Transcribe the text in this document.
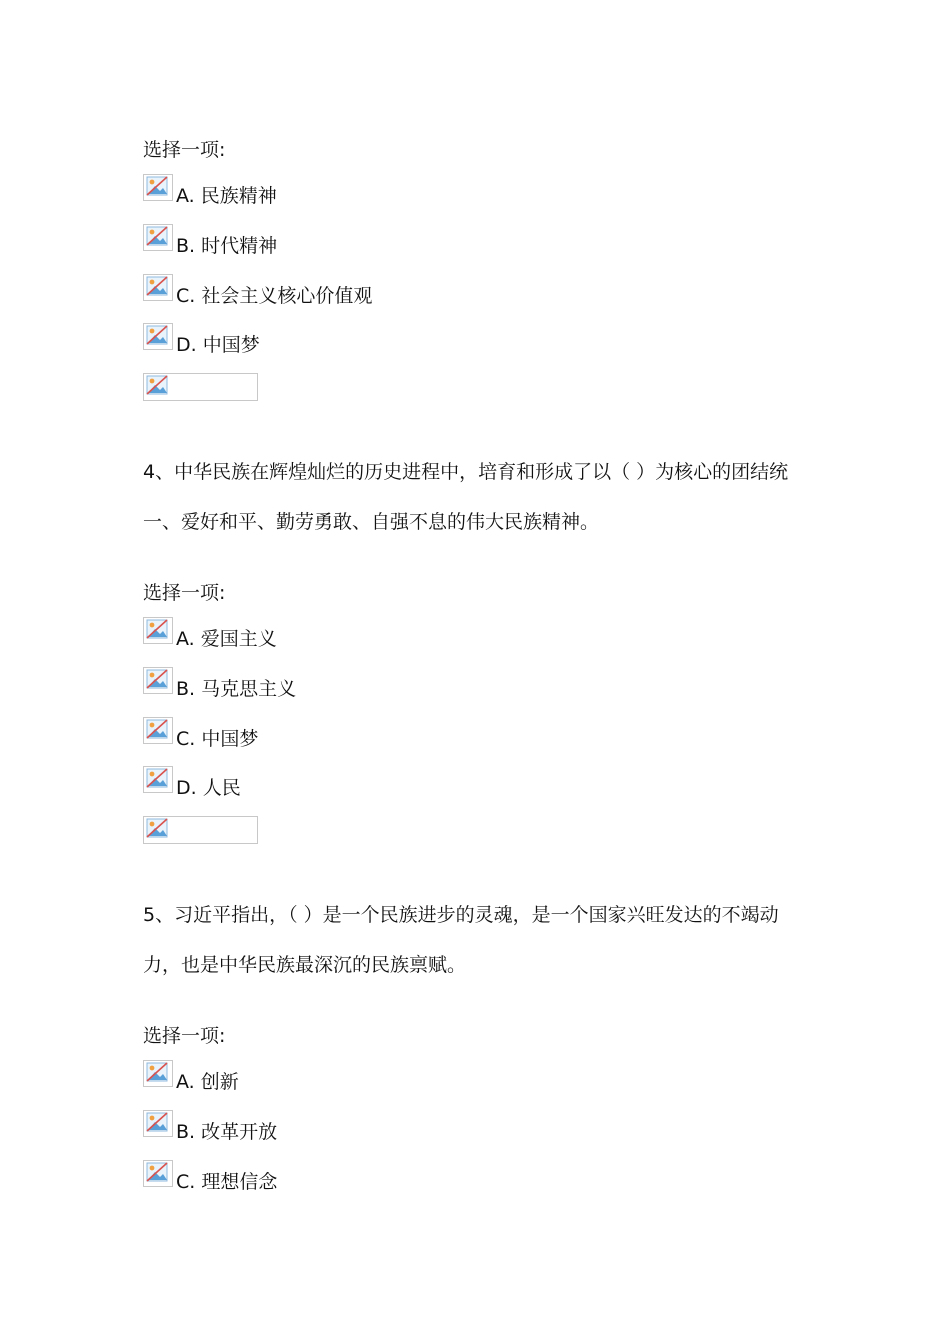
选择一项:
A. 民族精神
B. 时代精神
C. 社会主义核心价值观
D. 中国梦
4、中华民族在辉煌灿烂的历史进程中，培育和形成了以（ ）为核心的团结统
一、爱好和平、勤劳勇敢、自强不息的伟大民族精神。
选择一项:
A. 爱国主义
B. 马克思主义
C. 中国梦
D. 人民
5、习近平指出，（ ）是一个民族进步的灵魂，是一个国家兴旺发达的不竭动
力，也是中华民族最深沉的民族禀赋。
选择一项:
A. 创新
B. 改革开放
C. 理想信念
